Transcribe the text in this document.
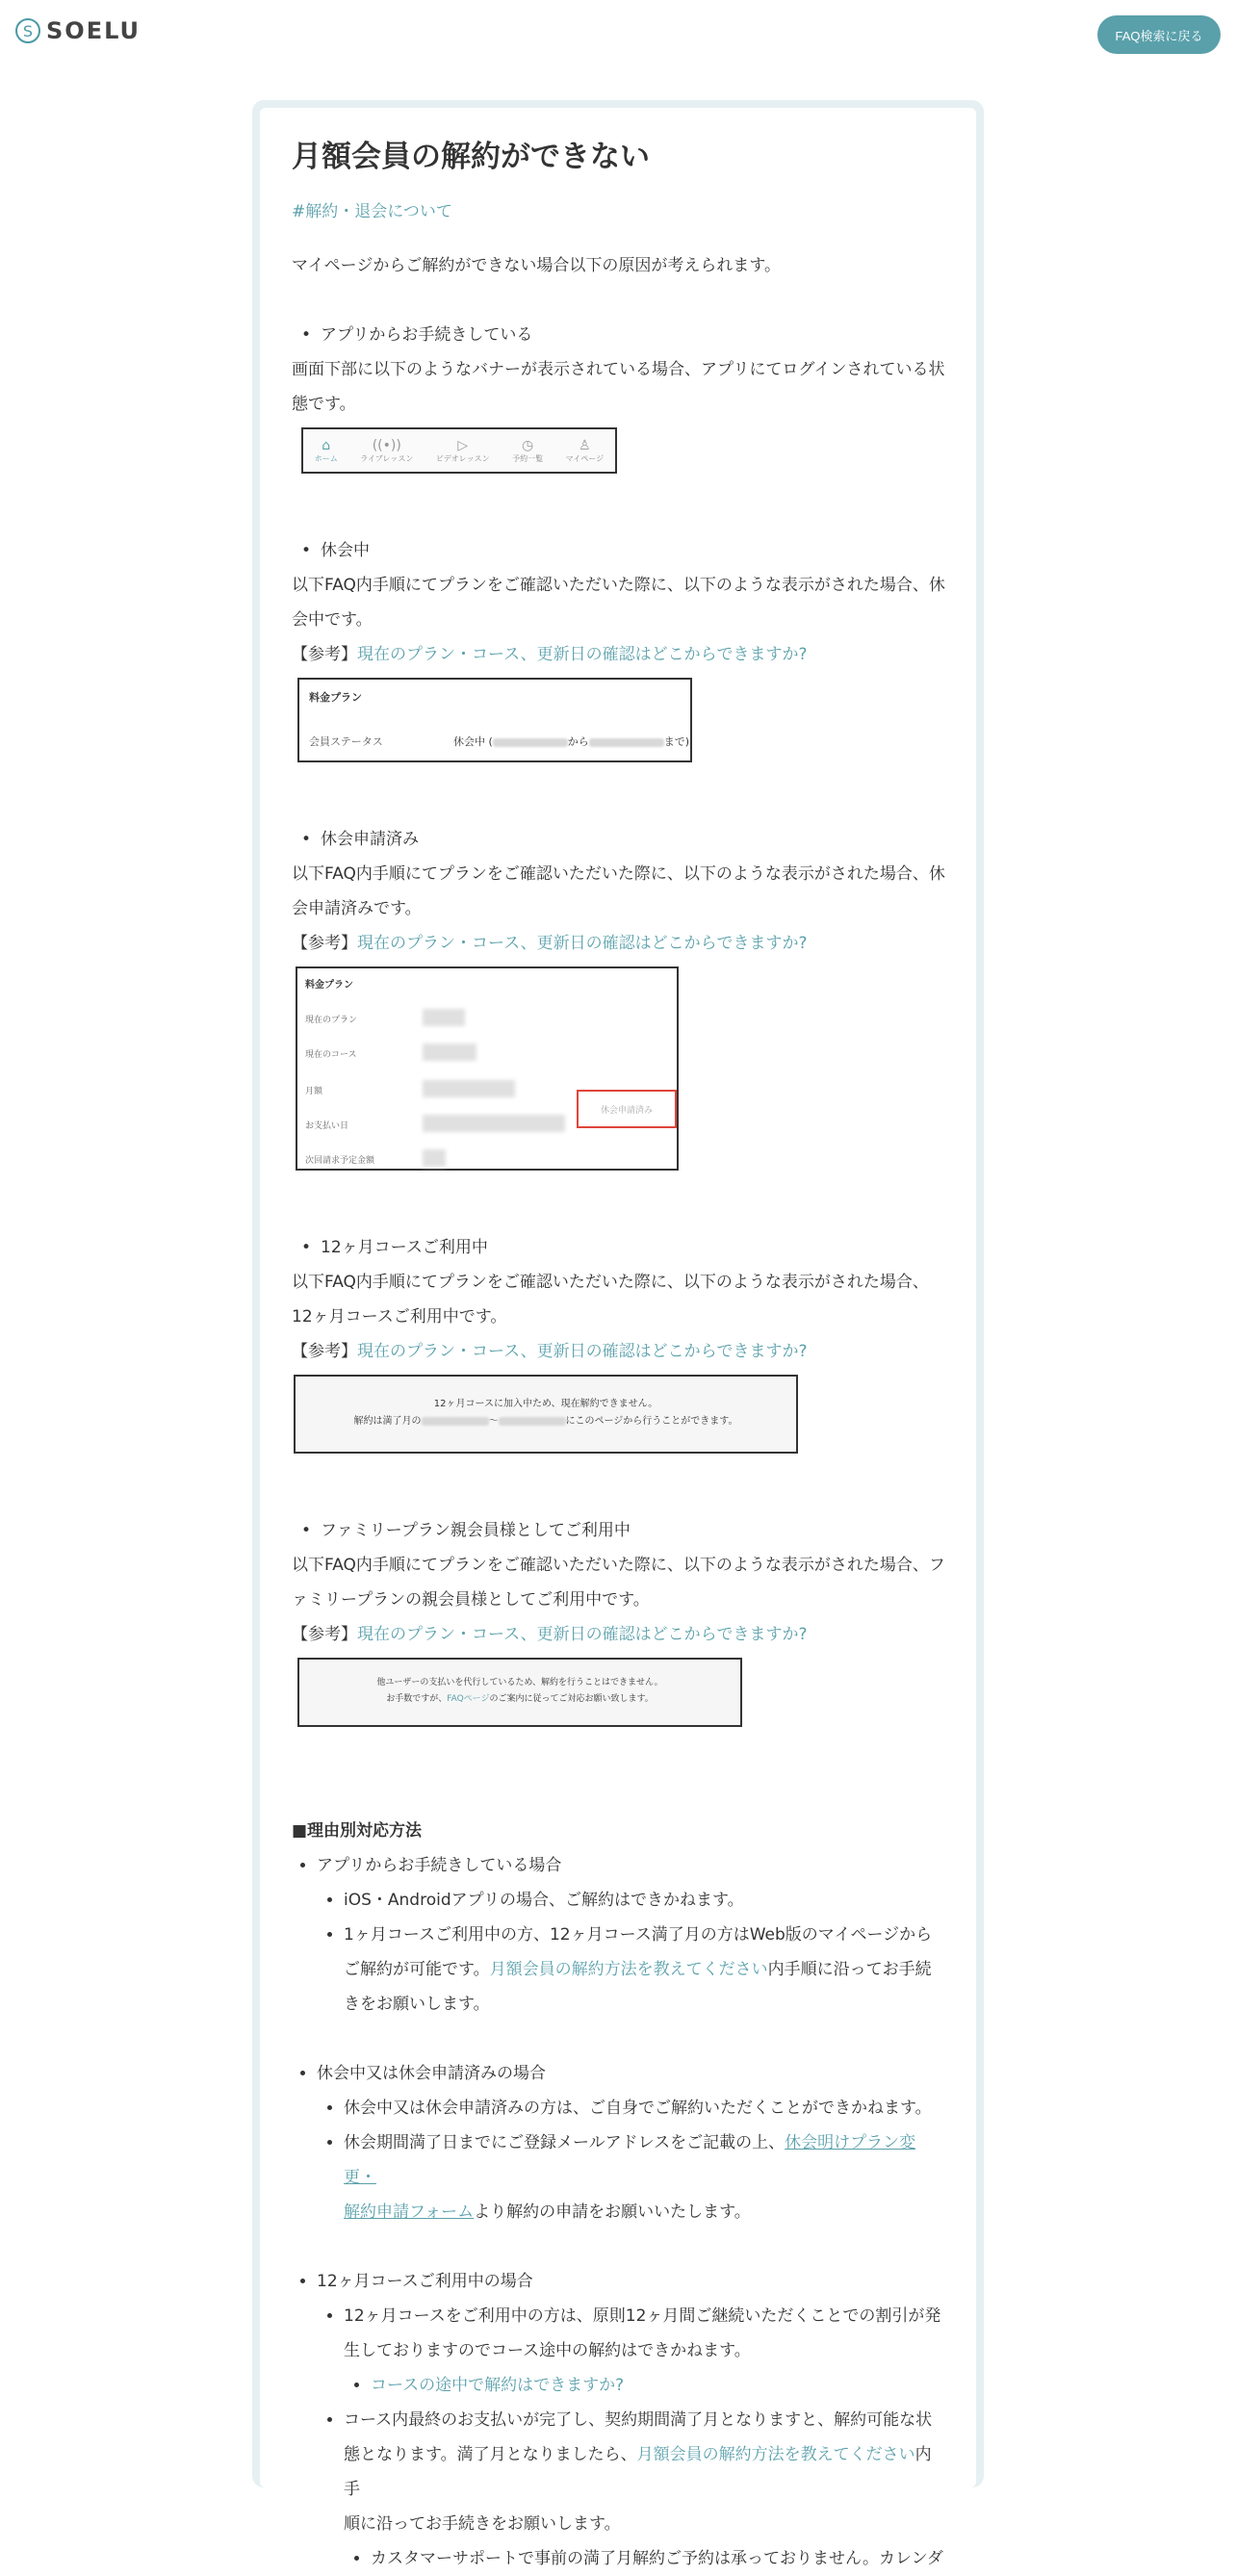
S SOELU	FAQ検索に戻る
月額会員の解約ができない
#解約・退会について

マイページからご解約ができない場合以下の原因が考えられます。

• アプリからお手続きしている

画面下部に以下のようなバナーが表示されている場合、アプリにてログインされている状

態です。

⌂
ホーム
((•))
ライブレッスン
▷
ビデオレッスン
◷
予約一覧
♙
マイページ
• 休会中

以下FAQ内手順にてプランをご確認いただいた際に、以下のような表示がされた場合、休

会中です。

【参考】現在のプラン・コース、更新日の確認はどこからできますか?

料金プラン
会員ステータス	休会中 (	から	まで)
• 休会申請済み

以下FAQ内手順にてプランをご確認いただいた際に、以下のような表示がされた場合、休

会申請済みです。

【参考】現在のプラン・コース、更新日の確認はどこからできますか?

料金プラン
現在のプラン
現在のコース
月額
お支払い日
次回請求予定金額
休会申請済み
• 12ヶ月コースご利用中

以下FAQ内手順にてプランをご確認いただいた際に、以下のような表示がされた場合、

12ヶ月コースご利用中です。

【参考】現在のプラン・コース、更新日の確認はどこからできますか?

12ヶ月コースに加入中ため、現在解約できません。
解約は満了月の	〜	にこのページから行うことができます。
• ファミリープラン親会員様としてご利用中

以下FAQ内手順にてプランをご確認いただいた際に、以下のような表示がされた場合、フ

ァミリープランの親会員様としてご利用中です。

【参考】現在のプラン・コース、更新日の確認はどこからできますか?

他ユーザーの支払いを代行しているため、解約を行うことはできません。
お手数ですが、FAQページのご案内に従ってご対応お願い致します。
■理由別対応方法
• アプリからお手続きしている場合
• iOS・Androidアプリの場合、ご解約はできかねます。
• 1ヶ月コースご利用中の方、12ヶ月コース満了月の方はWeb版のマイページから
ご解約が可能です。月額会員の解約方法を教えてください内手順に沿ってお手続
きをお願いします。
• 休会中又は休会申請済みの場合
• 休会中又は休会申請済みの方は、ご自身でご解約いただくことができかねます。
• 休会期間満了日までにご登録メールアドレスをご記載の上、休会明けプラン変更・
解約申請フォームより解約の申請をお願いいたします。
• 12ヶ月コースご利用中の場合
• 12ヶ月コースをご利用中の方は、原則12ヶ月間ご継続いただくことでの割引が発
生しておりますのでコース途中の解約はできかねます。
• コースの途中で解約はできますか?
• コース内最終のお支払いが完了し、契約期間満了月となりますと、解約可能な状
態となります。満了月となりましたら、月額会員の解約方法を教えてください内手
順に沿ってお手続きをお願いします。
• カスタマーサポートで事前の満了月解約ご予約は承っておりません。カレンダ
